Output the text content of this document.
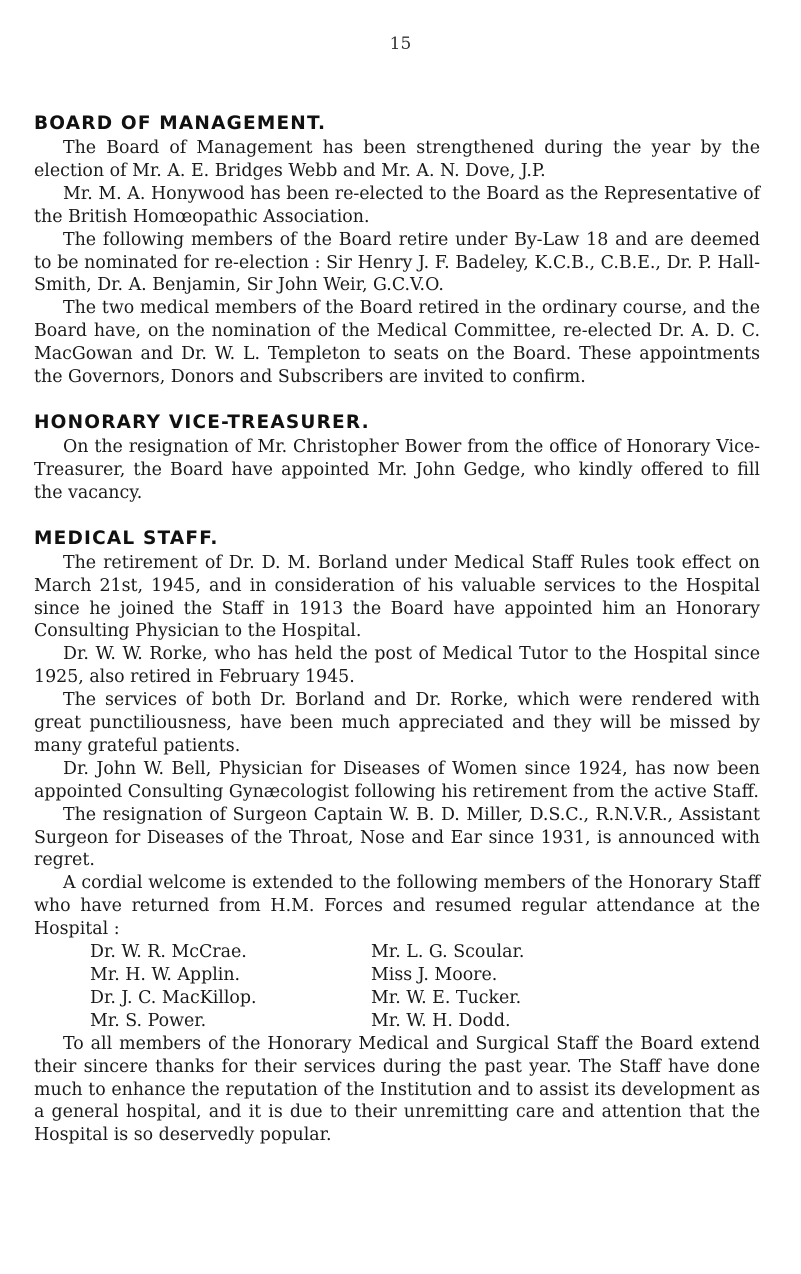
15
BOARD OF MANAGEMENT.

The Board of Management has been strengthened during the year by the election of Mr. A. E. Bridges Webb and Mr. A. N. Dove, J.P.

Mr. M. A. Honywood has been re-elected to the Board as the Representative of the British Homœopathic Association.

The following members of the Board retire under By-Law 18 and are deemed to be nominated for re-election : Sir Henry J. F. Badeley, K.C.B., C.B.E., Dr. P. Hall-Smith, Dr. A. Benjamin, Sir John Weir, G.C.V.O.

The two medical members of the Board retired in the ordinary course, and the Board have, on the nomination of the Medical Committee, re-elected Dr. A. D. C. MacGowan and Dr. W. L. Templeton to seats on the Board. These appointments the Governors, Donors and Subscribers are invited to confirm.

HONORARY VICE-TREASURER.

On the resignation of Mr. Christopher Bower from the office of Honorary Vice-Treasurer, the Board have appointed Mr. John Gedge, who kindly offered to fill the vacancy.

MEDICAL STAFF.

The retirement of Dr. D. M. Borland under Medical Staff Rules took effect on March 21st, 1945, and in consideration of his valuable services to the Hospital since he joined the Staff in 1913 the Board have appointed him an Honorary Consulting Physician to the Hospital.

Dr. W. W. Rorke, who has held the post of Medical Tutor to the Hospital since 1925, also retired in February 1945.

The services of both Dr. Borland and Dr. Rorke, which were rendered with great punctiliousness, have been much appreciated and they will be missed by many grateful patients.

Dr. John W. Bell, Physician for Diseases of Women since 1924, has now been appointed Consulting Gynæcologist following his retirement from the active Staff.

The resignation of Surgeon Captain W. B. D. Miller, D.S.C., R.N.V.R., Assistant Surgeon for Diseases of the Throat, Nose and Ear since 1931, is announced with regret.

A cordial welcome is extended to the following members of the Honorary Staff who have returned from H.M. Forces and resumed regular attendance at the Hospital :

Dr. W. R. McCrae.	Mr. L. G. Scoular.
Mr. H. W. Applin.	Miss J. Moore.
Dr. J. C. MacKillop.	Mr. W. E. Tucker.
Mr. S. Power.	Mr. W. H. Dodd.

To all members of the Honorary Medical and Surgical Staff the Board extend their sincere thanks for their services during the past year. The Staff have done much to enhance the reputation of the Institution and to assist its development as a general hospital, and it is due to their unremitting care and attention that the Hospital is so deservedly popular.
